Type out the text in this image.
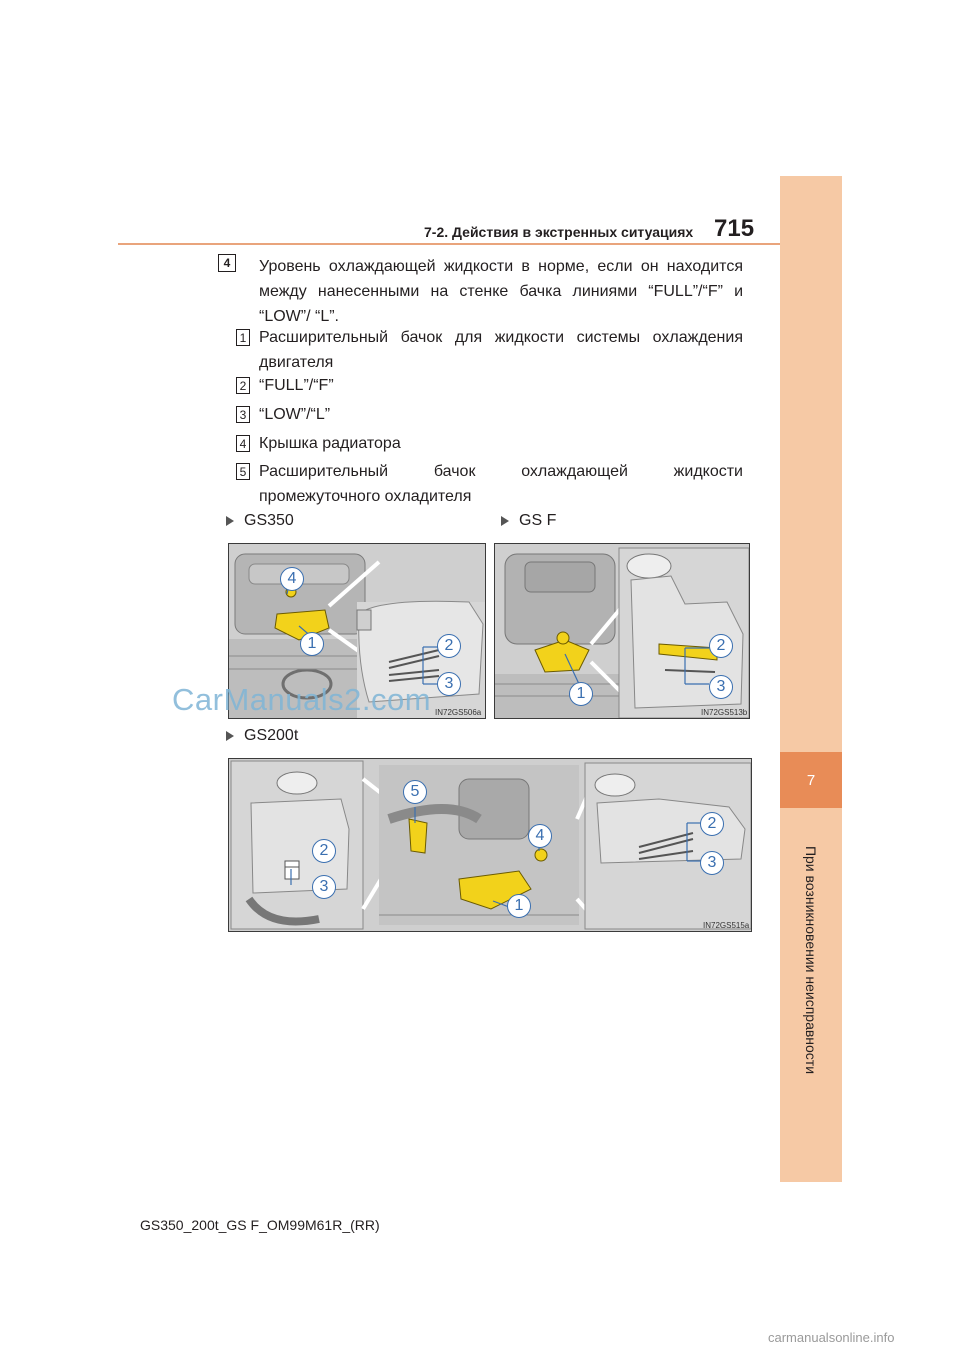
7-2. Действия в экстренных ситуациях 715
7
При возникновении неисправности
4	Уровень охлаждающей жидкости в норме, если он находится между нанесенными на стенке бачка линиями “FULL”/“F” и “LOW”/ “L”.
1 Расширительный бачок для жидкости системы охлаждения двигателя
2 “FULL”/“F”
3 “LOW”/“L”
4 Крышка радиатора
5 Расширительный бачок охлаждающей жидкости промежуточного охладителя
GS350	GS F
IN72GS506a
4
1	2
3
IN72GS513b
1
2
3
CarManuals2.com
GS200t
IN72GS515a
2
3
5
4
1
2
3
GS350_200t_GS F_OM99M61R_(RR)
carmanualsonline.info
